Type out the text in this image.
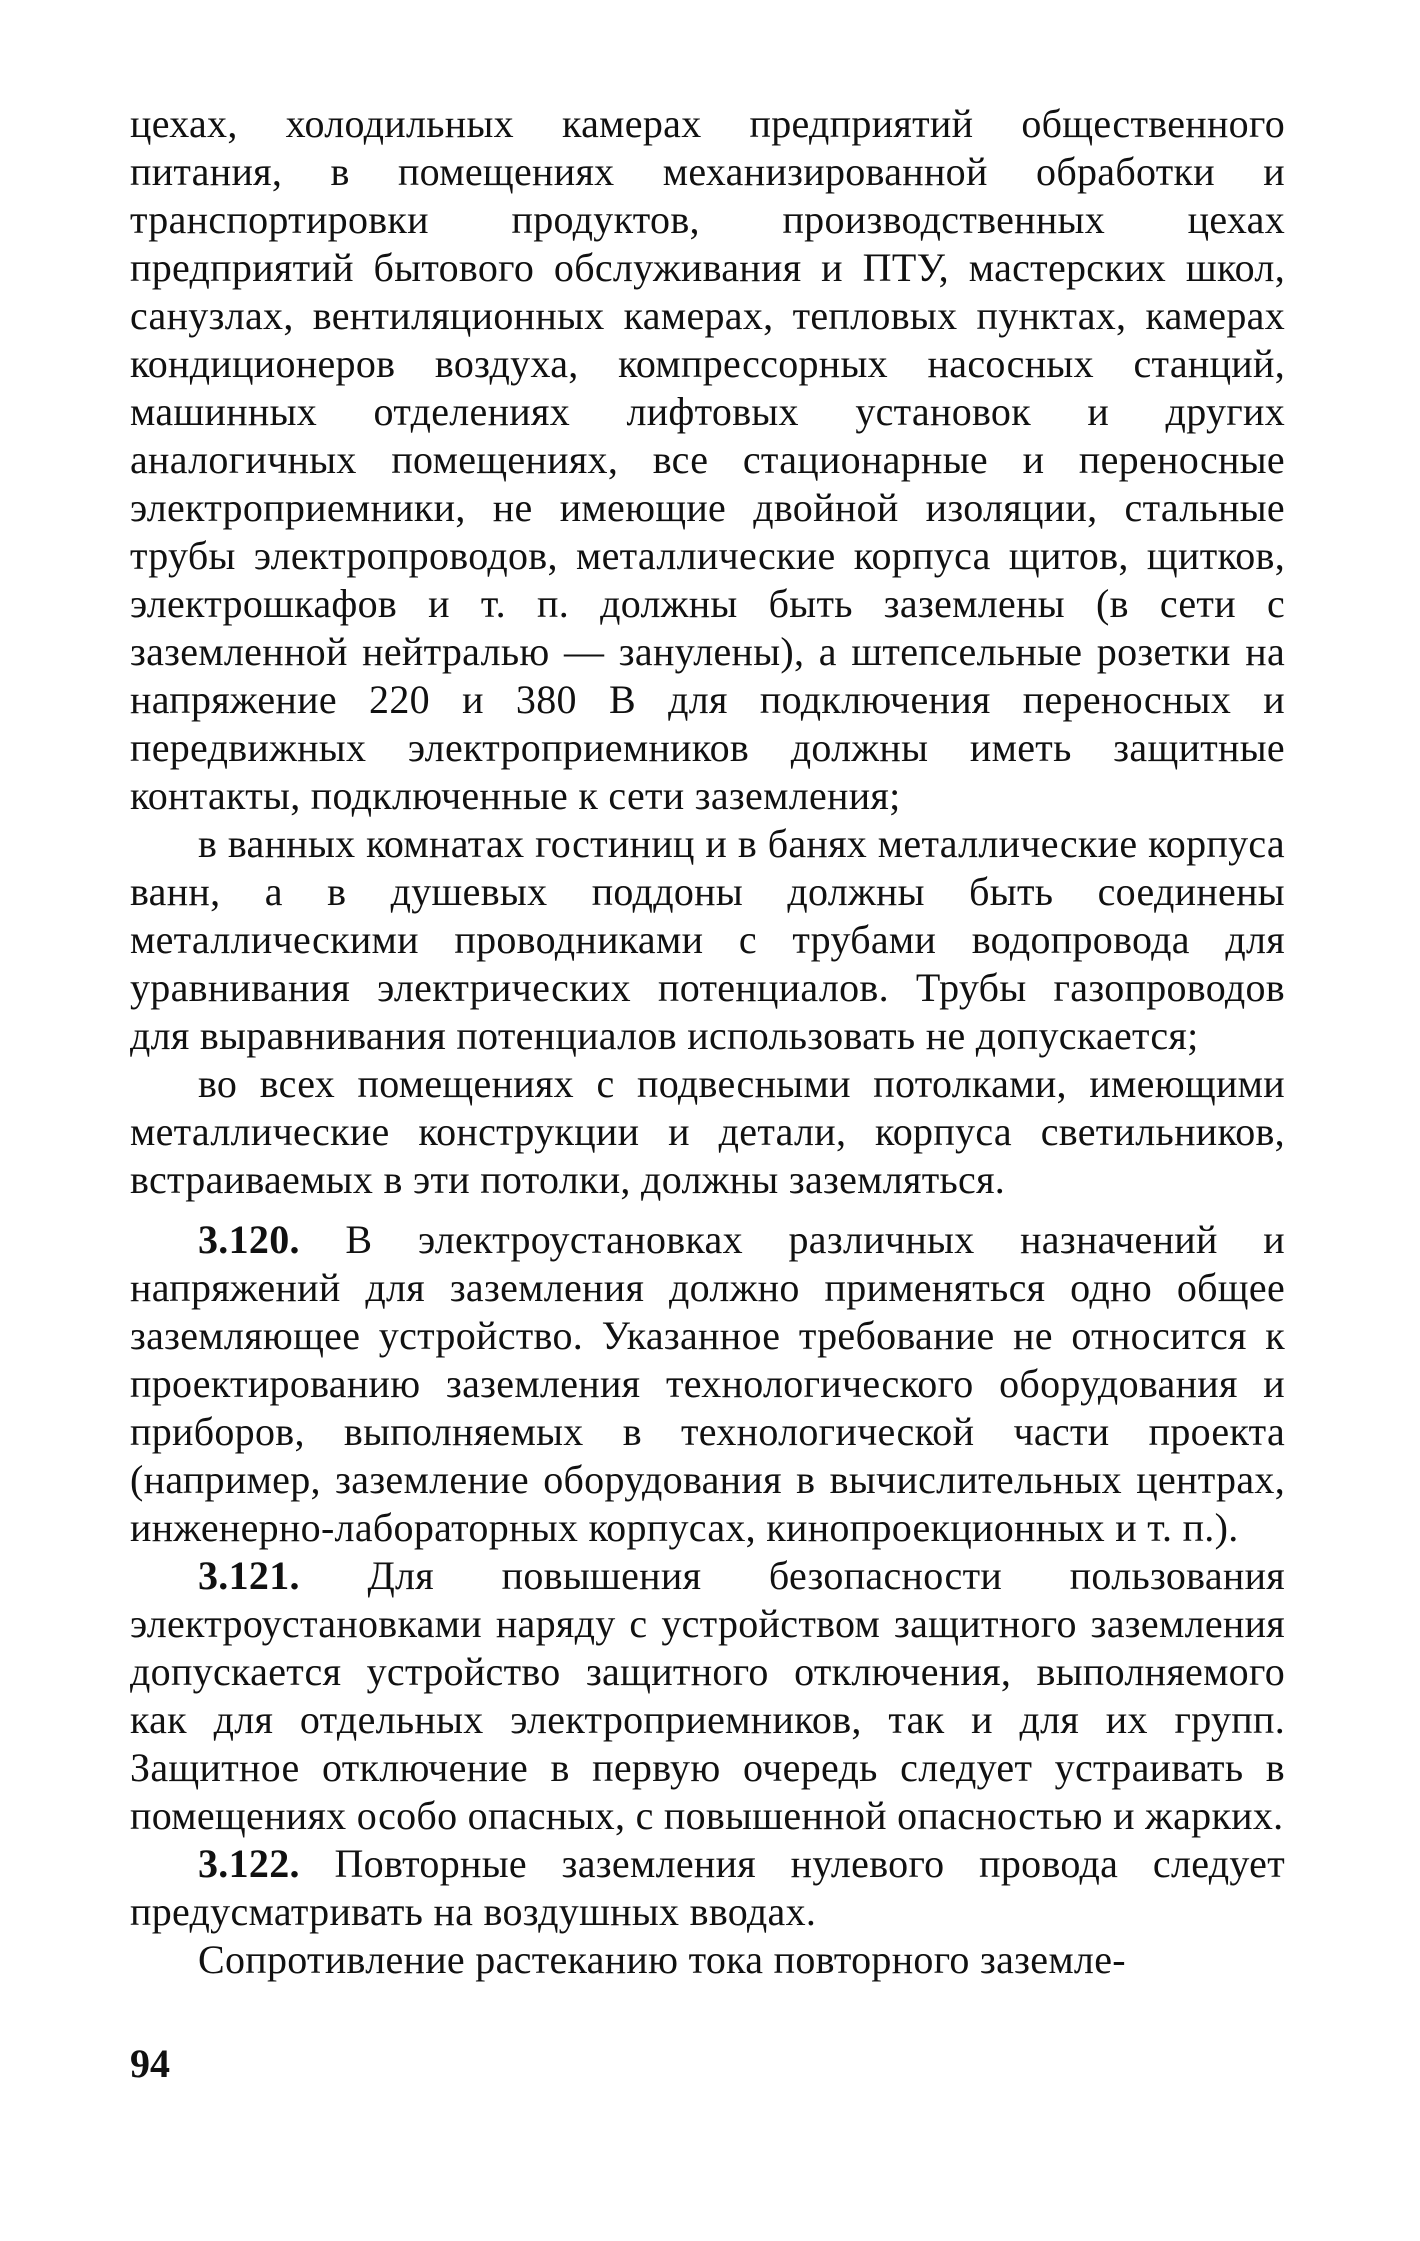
цехах, холодильных камерах предприятий общественного питания, в помещениях механизированной обработки и транспортировки продуктов, производственных цехах предприятий бытового обслуживания и ПТУ, мастерских школ, санузлах, вентиляционных камерах, тепловых пунктах, камерах кондиционеров воздуха, компрессорных насосных станций, машинных отделениях лифтовых установок и других аналогичных помещениях, все стационарные и переносные электроприемники, не имеющие двойной изоляции, стальные трубы электропроводов, металлические корпуса щитов, щитков, электрошкафов и т. п. должны быть заземлены (в сети с заземленной нейтралью — занулены), а штепсельные розетки на напряжение 220 и 380 В для подключения переносных и передвижных электроприемников должны иметь защитные контакты, подключенные к сети заземления;

в ванных комнатах гостиниц и в банях металлические корпуса ванн, а в душевых поддоны должны быть соединены металлическими проводниками с трубами водопровода для уравнивания электрических потенциалов. Трубы газопроводов для выравнивания потенциалов использовать не допускается;

во всех помещениях с подвесными потолками, имеющими металлические конструкции и детали, корпуса светильников, встраиваемых в эти потолки, должны заземляться.

3.120. В электроустановках различных назначений и напряжений для заземления должно применяться одно общее заземляющее устройство. Указанное требование не относится к проектированию заземления технологического оборудования и приборов, выполняемых в технологической части проекта (например, заземление оборудования в вычислительных центрах, инженерно-лабораторных корпусах, кинопроекционных и т. п.).

3.121. Для повышения безопасности пользования электроустановками наряду с устройством защитного заземления допускается устройство защитного отключения, выполняемого как для отдельных электроприемников, так и для их групп. Защитное отключение в первую очередь следует устраивать в помещениях особо опасных, с повышенной опасностью и жарких.

3.122. Повторные заземления нулевого провода следует предусматривать на воздушных вводах.

Сопротивление растеканию тока повторного заземле-

94
